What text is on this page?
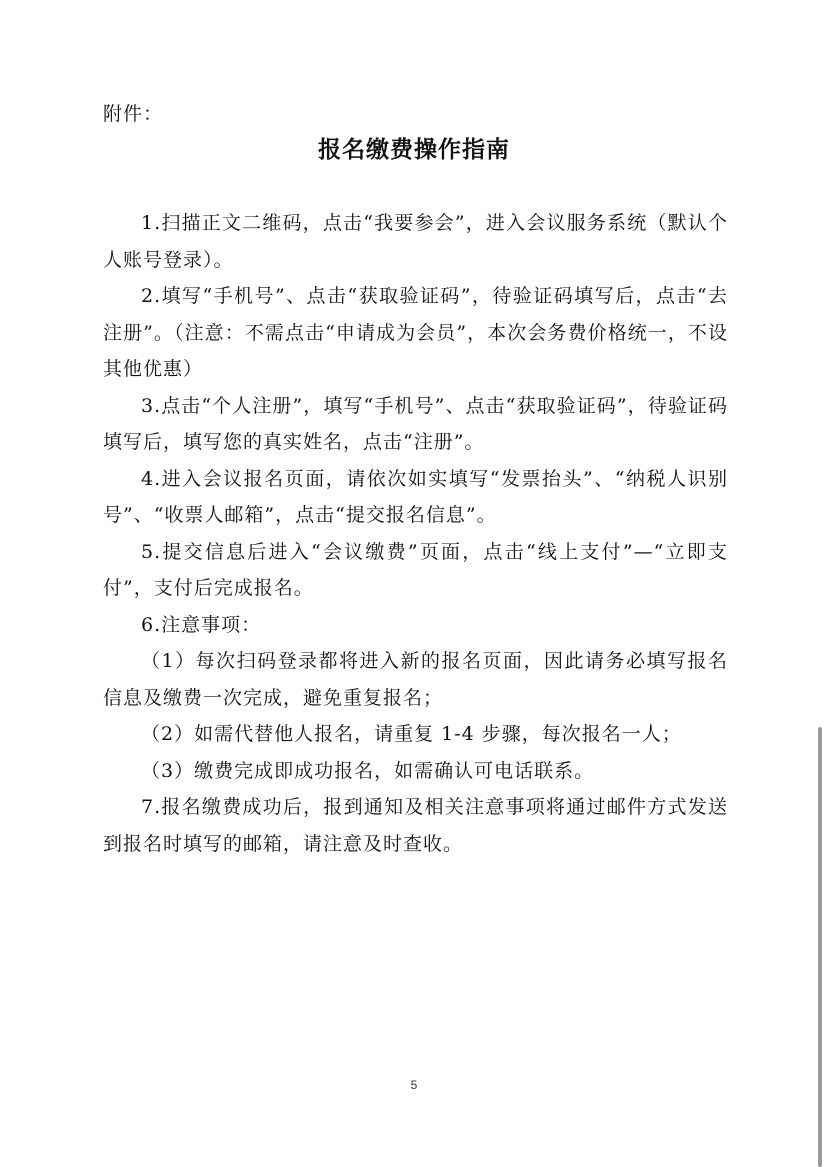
附件：
报名缴费操作指南

1.扫描正文二维码，点击“我要参会”，进入会议服务系统（默认个人账号登录）。

2.填写“手机号”、点击“获取验证码”，待验证码填写后，点击“去注册”。（注意：不需点击“申请成为会员”，本次会务费价格统一，不设其他优惠）

3.点击“个人注册”，填写“手机号”、点击“获取验证码”，待验证码填写后，填写您的真实姓名，点击“注册”。

4.进入会议报名页面，请依次如实填写“发票抬头”、“纳税人识别号”、“收票人邮箱”，点击“提交报名信息”。

5.提交信息后进入“会议缴费”页面，点击“线上支付”—“立即支付”，支付后完成报名。

6.注意事项：

（1）每次扫码登录都将进入新的报名页面，因此请务必填写报名信息及缴费一次完成，避免重复报名；

（2）如需代替他人报名，请重复 1-4 步骤，每次报名一人；

（3）缴费完成即成功报名，如需确认可电话联系。

7.报名缴费成功后，报到通知及相关注意事项将通过邮件方式发送到报名时填写的邮箱，请注意及时查收。

5
